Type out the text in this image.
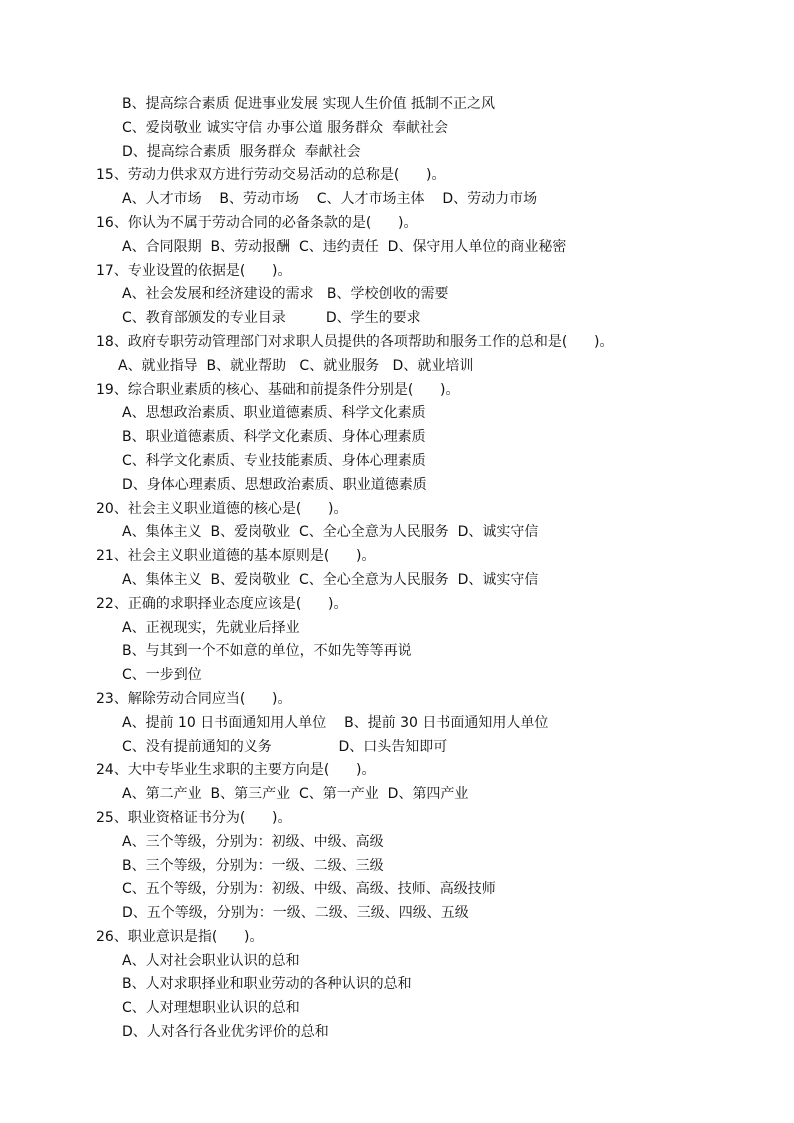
B、提高综合素质 促进事业发展 实现人生价值 抵制不正之风
C、爱岗敬业 诚实守信 办事公道 服务群众  奉献社会
D、提高综合素质  服务群众  奉献社会
15、劳动力供求双方进行劳动交易活动的总称是(      )。
A、人才市场    B、劳动市场    C、人才市场主体    D、劳动力市场
16、你认为不属于劳动合同的必备条款的是(      )。
A、合同限期  B、劳动报酬  C、违约责任  D、保守用人单位的商业秘密
17、专业设置的依据是(      )。
A、社会发展和经济建设的需求   B、学校创收的需要
C、教育部颁发的专业目录         D、学生的要求
18、政府专职劳动管理部门对求职人员提供的各项帮助和服务工作的总和是(      )。
A、就业指导  B、就业帮助   C、就业服务   D、就业培训
19、综合职业素质的核心、基础和前提条件分别是(      )。
A、思想政治素质、职业道德素质、科学文化素质
B、职业道德素质、科学文化素质、身体心理素质
C、科学文化素质、专业技能素质、身体心理素质
D、身体心理素质、思想政治素质、职业道德素质
20、社会主义职业道德的核心是(      )。
A、集体主义  B、爱岗敬业  C、全心全意为人民服务  D、诚实守信
21、社会主义职业道德的基本原则是(      )。
A、集体主义  B、爱岗敬业  C、全心全意为人民服务  D、诚实守信
22、正确的求职择业态度应该是(      )。
A、正视现实，先就业后择业
B、与其到一个不如意的单位，不如先等等再说
C、一步到位
23、解除劳动合同应当(      )。
A、提前 10 日书面通知用人单位    B、提前 30 日书面通知用人单位
C、没有提前通知的义务               D、口头告知即可
24、大中专毕业生求职的主要方向是(      )。
A、第二产业  B、第三产业  C、第一产业  D、第四产业
25、职业资格证书分为(      )。
A、三个等级，分别为：初级、中级、高级
B、三个等级，分别为：一级、二级、三级
C、五个等级，分别为：初级、中级、高级、技师、高级技师
D、五个等级，分别为：一级、二级、三级、四级、五级
26、职业意识是指(      )。
A、人对社会职业认识的总和
B、人对求职择业和职业劳动的各种认识的总和
C、人对理想职业认识的总和
D、人对各行各业优劣评价的总和
